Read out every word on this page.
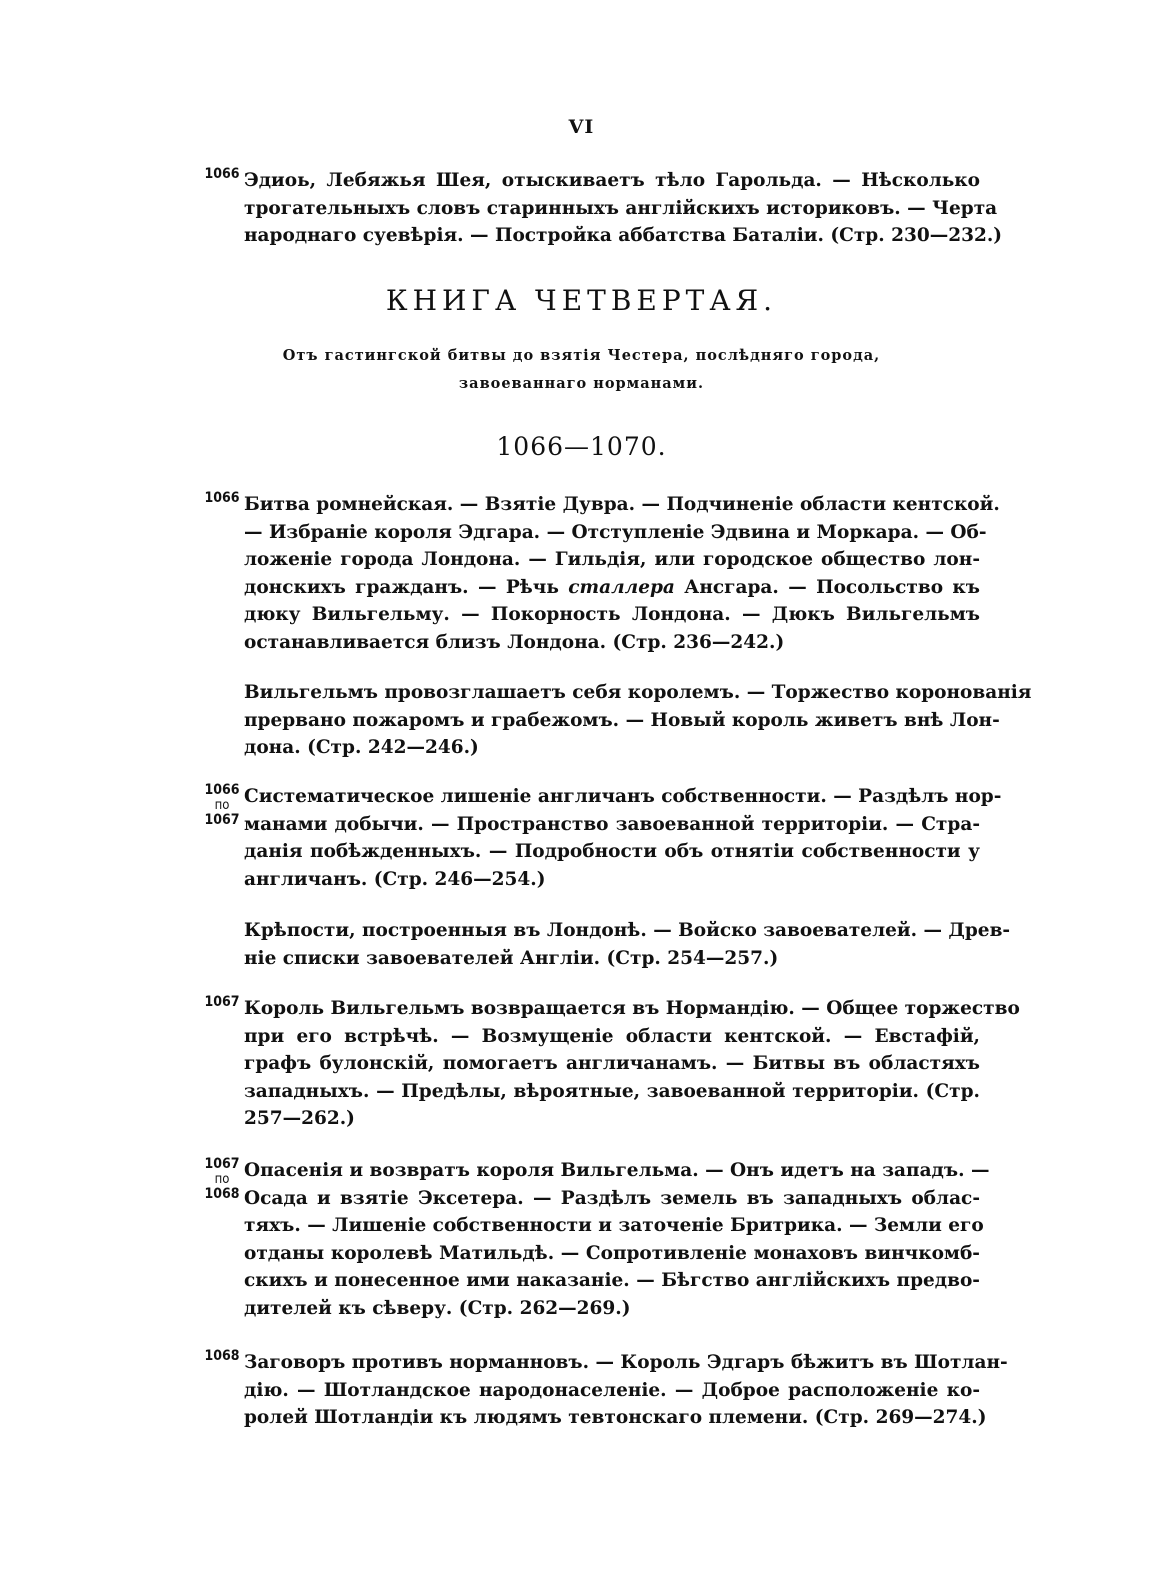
VI
1066 Эдиоь, Лебяжья Шея, отыскиваетъ тѣло Гарольда. — Нѣсколько
трогательныхъ словъ старинныхъ англійскихъ историковъ. — Черта
народнаго суевѣрія. — Постройка аббатства Баталіи. (Стр. 230—232.)
КНИГА ЧЕТВЕРТАЯ.
Отъ гастингской битвы до взятія Честера, послѣдняго города,
завоеваннаго норманами.
1066—1070.
1066 Битва ромнейская. — Взятіе Дувра. — Подчиненіе области кентской.
— Избраніе короля Эдгара. — Отступленіе Эдвина и Моркара. — Об-
ложеніе города Лондона. — Гильдія, или городское общество лон-
донскихъ гражданъ. — Рѣчь сталлера Ансгара. — Посольство къ
дюку Вильгельму. — Покорность Лондона. — Дюкъ Вильгельмъ
останавливается близъ Лондона. (Стр. 236—242.)
Вильгельмъ провозглашаетъ себя королемъ. — Торжество коронованія
прервано пожаромъ и грабежомъ. — Новый король живетъ внѣ Лон-
дона. (Стр. 242—246.)
1066
по
1067
Систематическое лишеніе англичанъ собственности. — Раздѣлъ нор-
манами добычи. — Пространство завоеванной территоріи. — Стра-
данія побѣжденныхъ. — Подробности объ отнятіи собственности у
англичанъ. (Стр. 246—254.)
Крѣпости, построенныя въ Лондонѣ. — Войско завоевателей. — Древ-
ніе списки завоевателей Англіи. (Стр. 254—257.)
1067 Король Вильгельмъ возвращается въ Нормандію. — Общее торжество
при его встрѣчѣ. — Возмущеніе области кентской. — Евстафій,
графъ булонскій, помогаетъ англичанамъ. — Битвы въ областяхъ
западныхъ. — Предѣлы, вѣроятные, завоеванной территоріи. (Стр.
257—262.)
1067
по
1068
Опасенія и возвратъ короля Вильгельма. — Онъ идетъ на западъ. —
Осада и взятіе Эксетера. — Раздѣлъ земель въ западныхъ облас-
тяхъ. — Лишеніе собственности и заточеніе Бритрика. — Земли его
отданы королевѣ Матильдѣ. — Сопротивленіе монаховъ винчкомб-
скихъ и понесенное ими наказаніе. — Бѣгство англійскихъ предво-
дителей къ сѣверу. (Стр. 262—269.)
1068 Заговоръ противъ норманновъ. — Король Эдгаръ бѣжитъ въ Шотлан-
дію. — Шотландское народонаселеніе. — Доброе расположеніе ко-
ролей Шотландіи къ людямъ тевтонскаго племени. (Стр. 269—274.)
